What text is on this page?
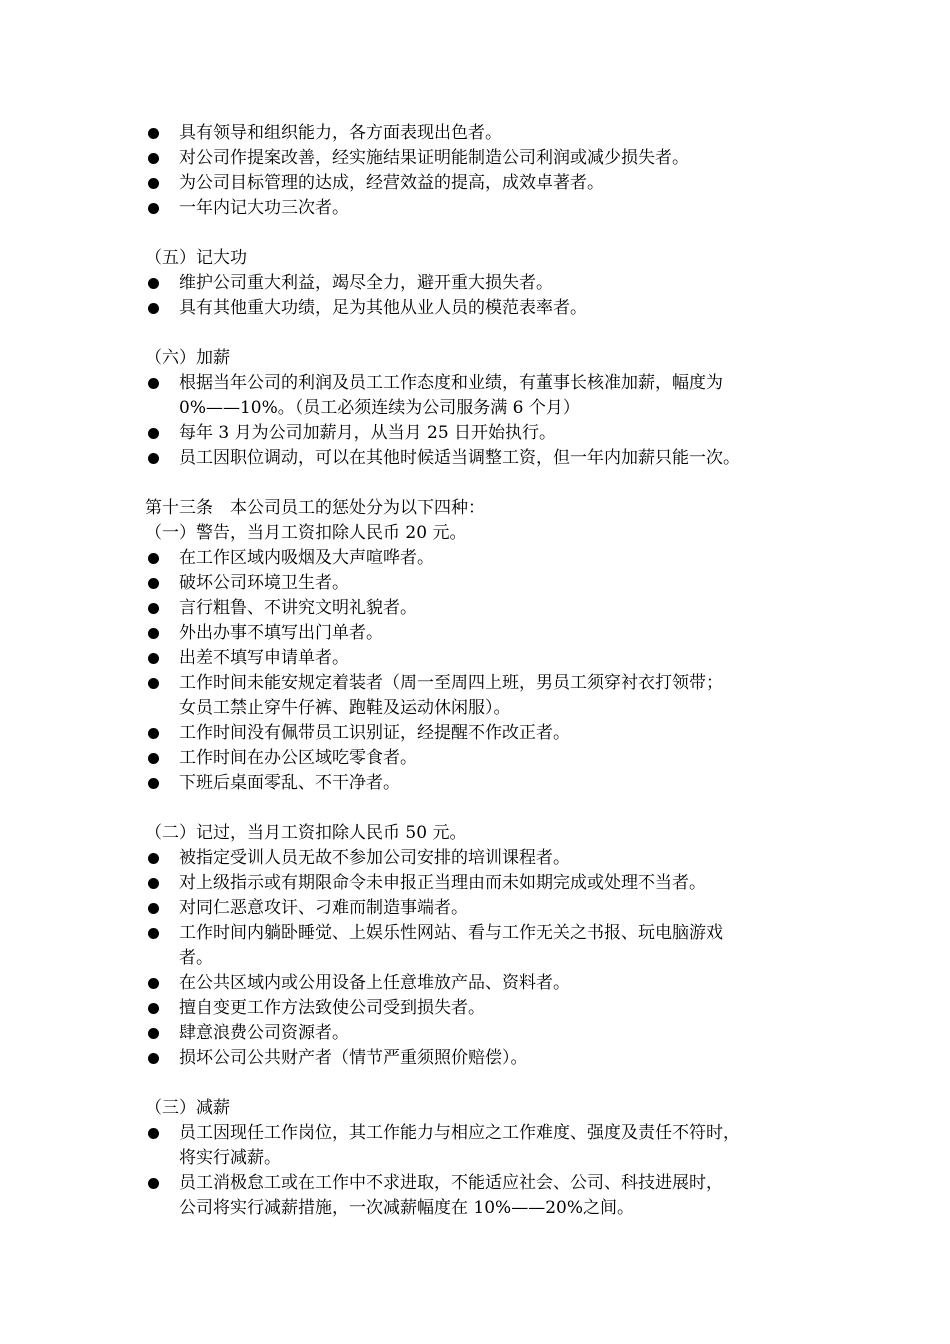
具有领导和组织能力，各方面表现出色者。
对公司作提案改善，经实施结果证明能制造公司利润或减少损失者。
为公司目标管理的达成，经营效益的提高，成效卓著者。
一年内记大功三次者。

（五）记大功

维护公司重大利益，竭尽全力，避开重大损失者。
具有其他重大功绩，足为其他从业人员的模范表率者。

（六）加薪

根据当年公司的利润及员工工作态度和业绩，有董事长核准加薪，幅度为
0%——10%。（员工必须连续为公司服务满 6 个月）
每年 3 月为公司加薪月，从当月 25 日开始执行。
员工因职位调动，可以在其他时候适当调整工资，但一年内加薪只能一次。

第十三条　本公司员工的惩处分为以下四种：

（一）警告，当月工资扣除人民币 20 元。

在工作区域内吸烟及大声喧哗者。
破坏公司环境卫生者。
言行粗鲁、不讲究文明礼貌者。
外出办事不填写出门单者。
出差不填写申请单者。
工作时间未能安规定着装者（周一至周四上班，男员工须穿衬衣打领带；
女员工禁止穿牛仔裤、跑鞋及运动休闲服）。
工作时间没有佩带员工识别证，经提醒不作改正者。
工作时间在办公区域吃零食者。
下班后桌面零乱、不干净者。

（二）记过，当月工资扣除人民币 50 元。

被指定受训人员无故不参加公司安排的培训课程者。
对上级指示或有期限命令未申报正当理由而未如期完成或处理不当者。
对同仁恶意攻讦、刁难而制造事端者。
工作时间内躺卧睡觉、上娱乐性网站、看与工作无关之书报、玩电脑游戏
者。
在公共区域内或公用设备上任意堆放产品、资料者。
擅自变更工作方法致使公司受到损失者。
肆意浪费公司资源者。
损坏公司公共财产者（情节严重须照价赔偿）。

（三）减薪

员工因现任工作岗位，其工作能力与相应之工作难度、强度及责任不符时，
将实行减薪。
员工消极怠工或在工作中不求进取，不能适应社会、公司、科技进展时，
公司将实行减薪措施，一次减薪幅度在 10%——20%之间。
